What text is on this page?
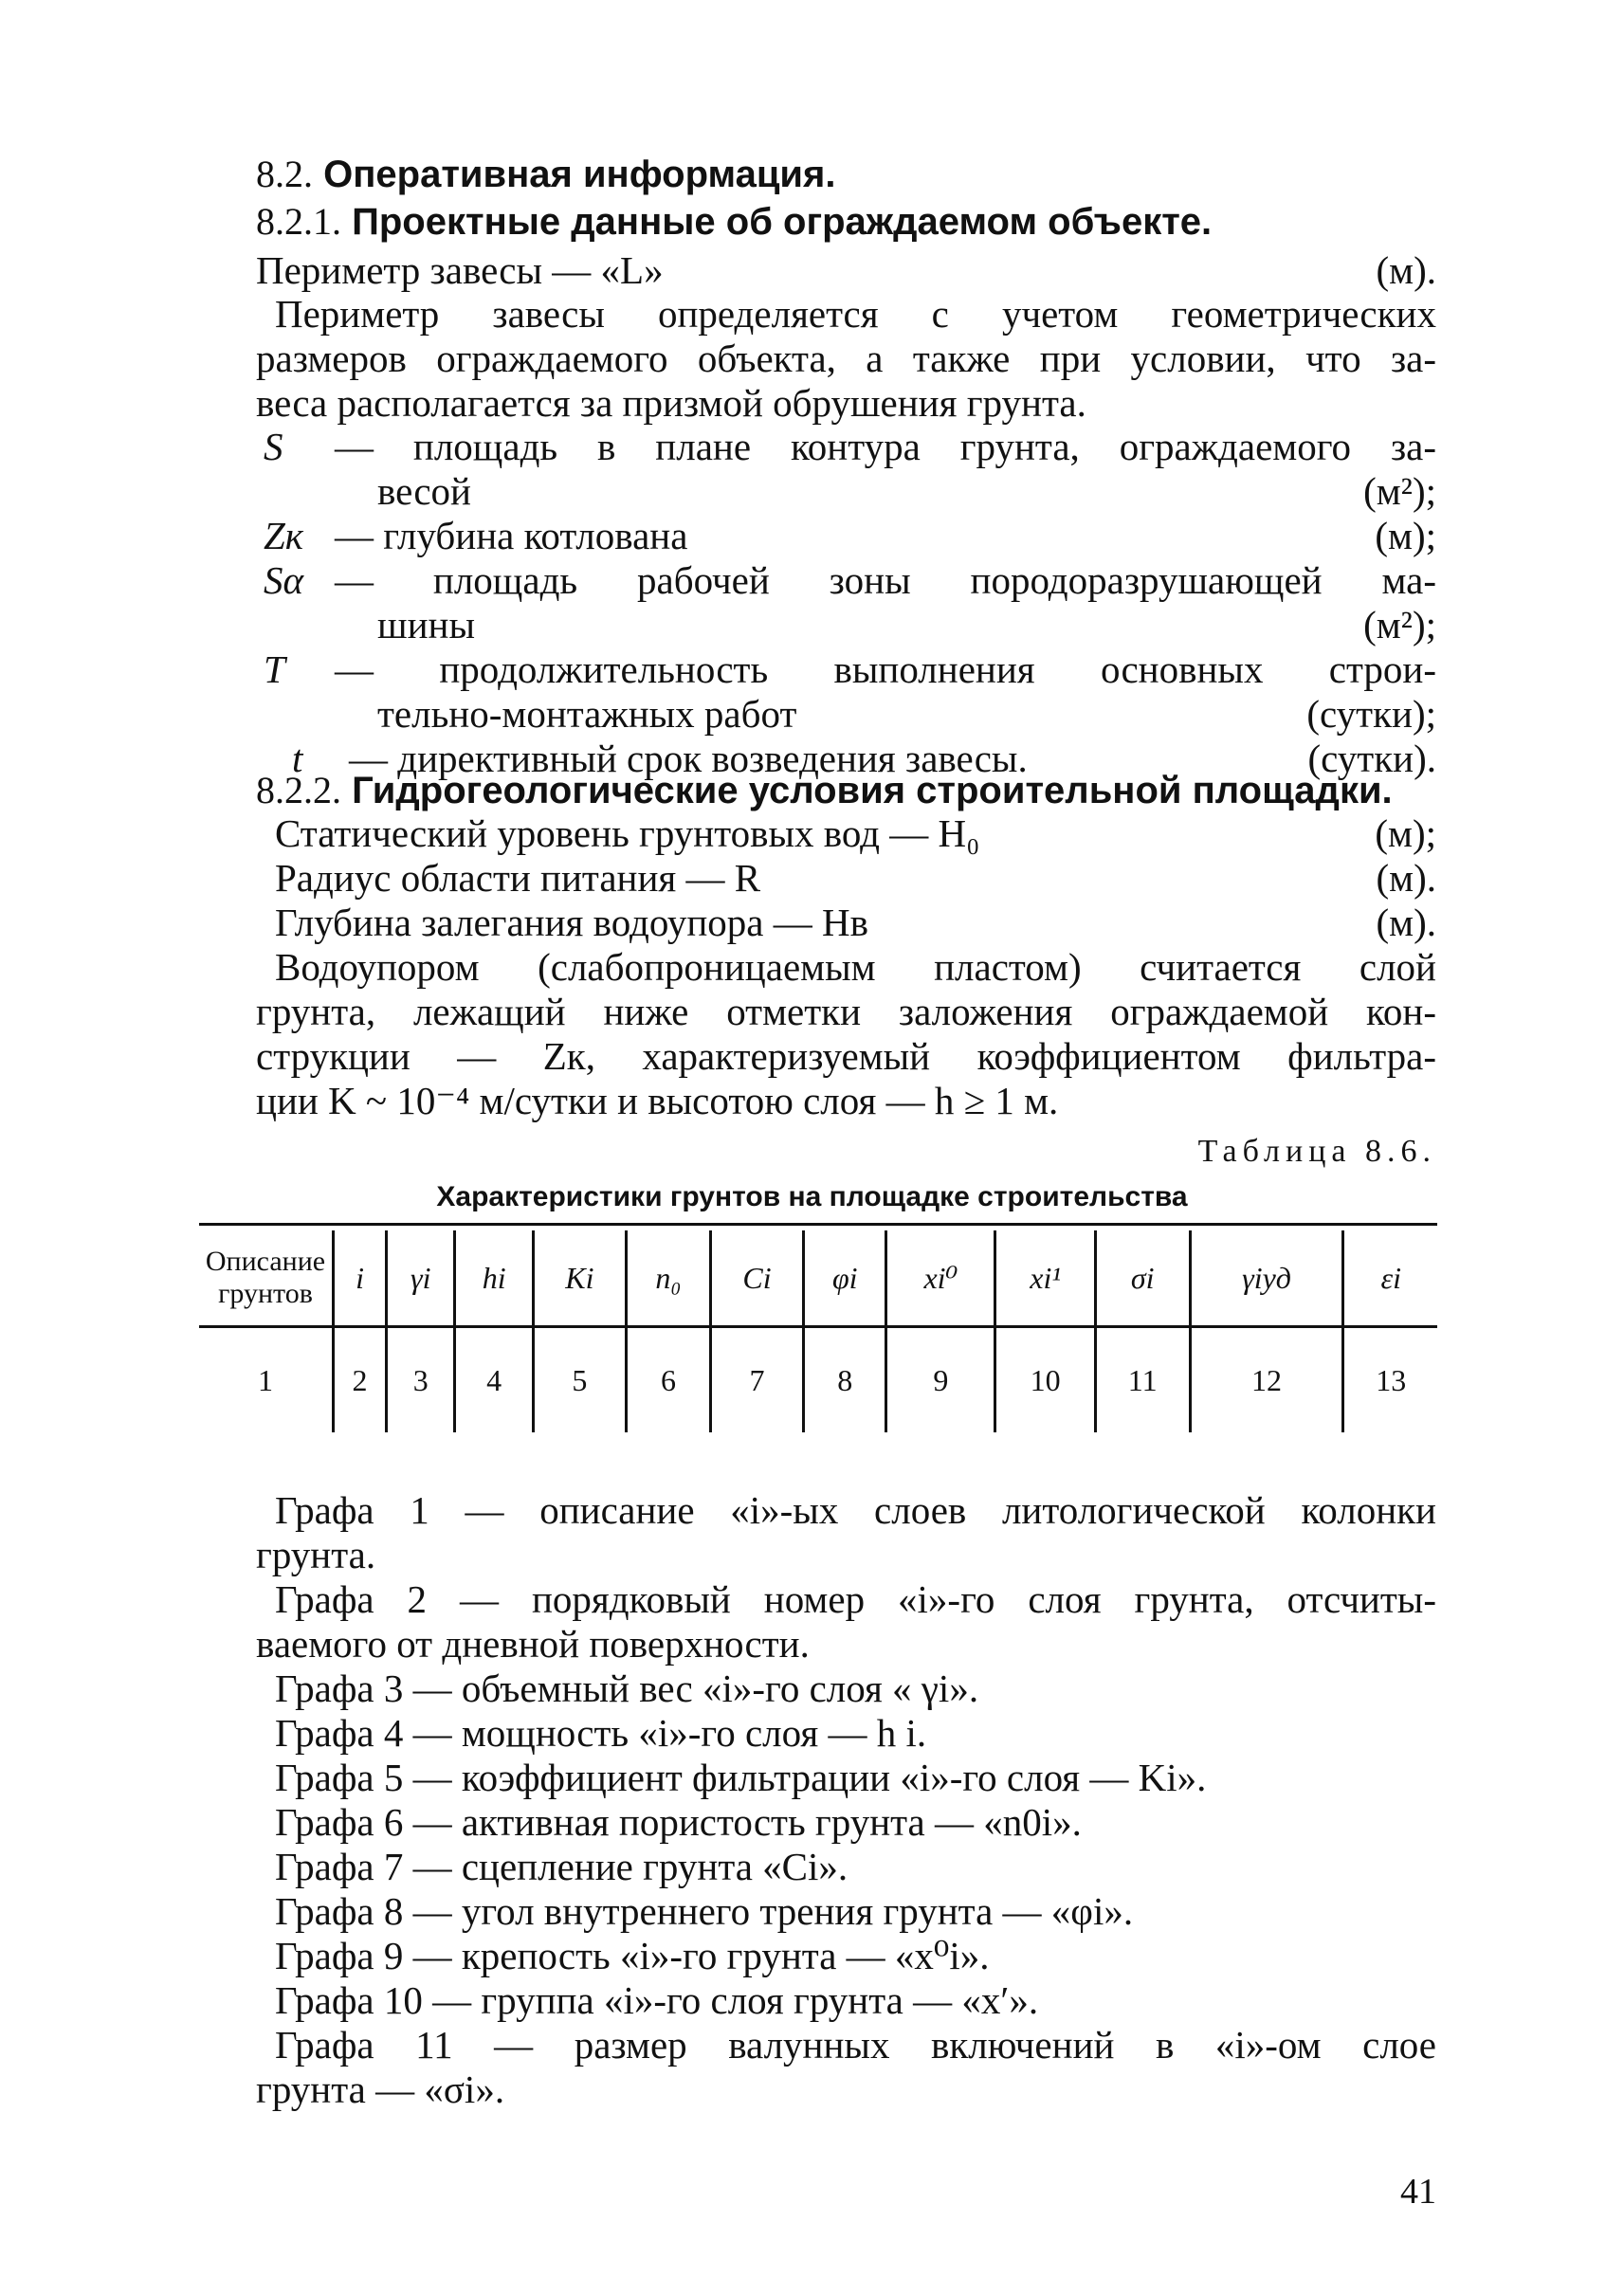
8.2. Оперативная информация.
8.2.1. Проектные данные об ограждаемом объекте.
Периметр завесы — «L»	(м).
Периметр завесы определяется с учетом геометрических
размеров ограждаемого объекта, а также при условии, что за-
веса располагается за призмой обрушения грунта.
S — площадь в плане контура грунта, ограждаемого за-
весой	(м²);
Zк — глубина котлована	(м);
Sα — площадь рабочей зоны породоразрушающей ма-
шины	(м²);
T — продолжительность выполнения основных строи-
тельно-монтажных работ	(сутки);
t — директивный срок возведения завесы.	(сутки).
8.2.2. Гидрогеологические условия строительной площадки.
Статический уровень грунтовых вод — H₀	(м);
Радиус области питания — R	(м).
Глубина залегания водоупора — Hв	(м).
Водоупором (слабопроницаемым пластом) считается слой
грунта, лежащий ниже отметки заложения ограждаемой кон-
струкции — Zк, характеризуемый коэффициентом фильтра-
ции K ~ 10⁻⁴ м/сутки и высотою слоя — h ≥ 1 м.
Таблица 8.6.
Характеристики грунтов на площадке строительства
Описание грунтов	i	γi	hi	Ki	n₀	Ci	φi	xi⁰	xi¹	σi	γiуд	εi
1	2	3	4	5	6	7	8	9	10	11	12	13
Графа 1 — описание «i»-ых слоев литологической колонки
грунта.
Графа 2 — порядковый номер «i»-го слоя грунта, отсчиты-
ваемого от дневной поверхности.
Графа 3 — объемный вес «i»-го слоя « γi».
Графа 4 — мощность «i»-го слоя — h i.
Графа 5 — коэффициент фильтрации «i»-го слоя — Ki».
Графа 6 — активная пористость грунта — «n0i».
Графа 7 — сцепление грунта «Ci».
Графа 8 — угол внутреннего трения грунта — «φi».
Графа 9 — крепость «i»-го грунта — «x⁰i».
Графа 10 — группа «i»-го слоя грунта — «x′».
Графа 11 — размер валунных включений в «i»-ом слое
грунта — «σi».
41
